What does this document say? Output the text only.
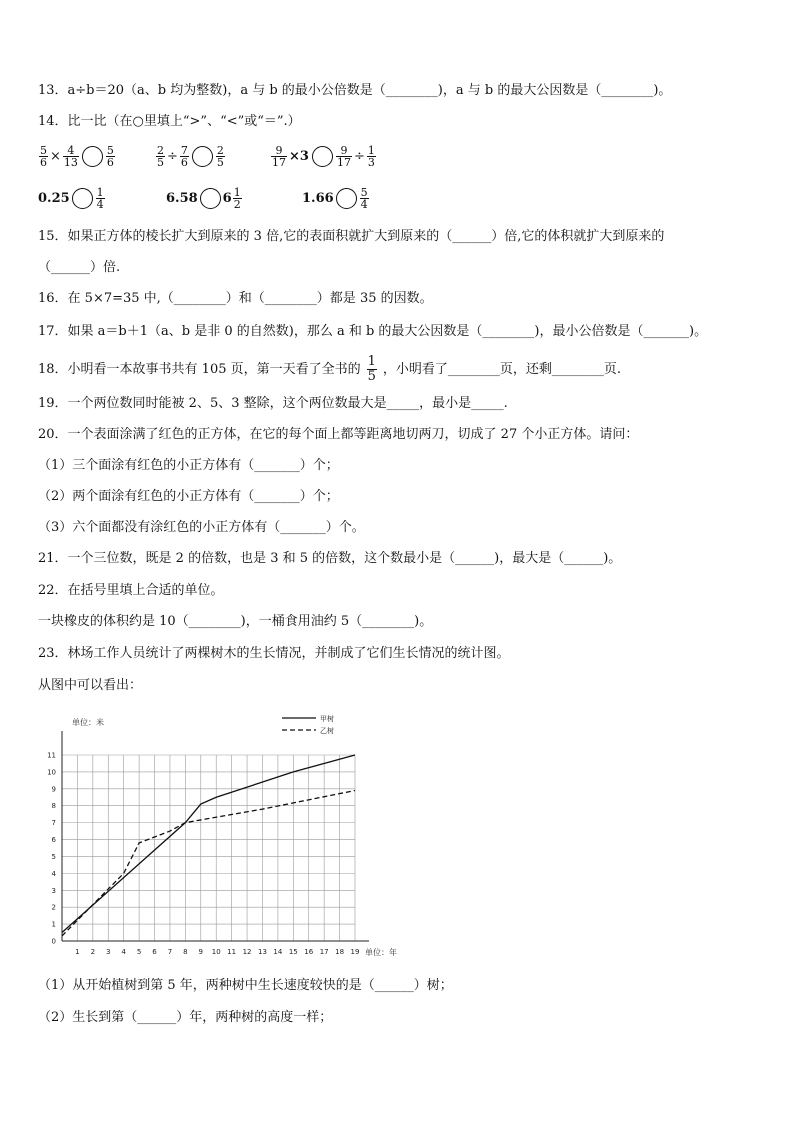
13．a÷b＝20（a、b 均为整数)，a 与 b 的最小公倍数是（________)，a 与 b 的最大公因数是（________)。
14．比一比（在○里填上“>”、“<”或“＝”.）
$\frac{5}{6} \times \frac{4}{13} \frac{5}{6}$	$\frac{2}{5} \div \frac{7}{6} \frac{2}{5}$	$\frac{9}{17} \times 3 \frac{9}{17} \div \frac{1}{3}$
$0.25 \frac{1}{4}$	6.58 $6 \frac{1}{2}$	$1.66 \frac{5}{4}$
15．如果正方体的棱长扩大到原来的 3 倍,它的表面积就扩大到原来的（______）倍,它的体积就扩大到原来的
（______）倍.
16．在 5×7=35 中,（________）和（________）都是 35 的因数。
17．如果 a＝b＋1（a、b 是非 0 的自然数)，那么 a 和 b 的最大公因数是（________)，最小公倍数是（_______)。
18．小明看一本故事书共有 105 页，第一天看了全书的 $\frac{1}{5}$ ，小明看了________页，还剩________页.
19．一个两位数同时能被 2、5、3 整除，这个两位数最大是_____，最小是_____.
20．一个表面涂满了红色的正方体，在它的每个面上都等距离地切两刀，切成了 27 个小正方体。请问：
（1）三个面涂有红色的小正方体有（_______）个；
（2）两个面涂有红色的小正方体有（_______）个；
（3）六个面都没有涂红色的小正方体有（_______）个。
21．一个三位数，既是 2 的倍数，也是 3 和 5 的倍数，这个数最小是（______)，最大是（______)。
22．在括号里填上合适的单位。
一块橡皮的体积约是 10（________)，一桶食用油约 5（________)。
23．林场工作人员统计了两棵树木的生长情况，并制成了它们生长情况的统计图。
从图中可以看出：
1 2 3 4 5 6 7 8 9 10 11 12 13 14 15 16 17 18 19
0
1
2
3
4
5
6
7
8
9
10
11
单位：米
单位：年
甲树
乙树
（1）从开始植树到第 5 年，两种树中生长速度较快的是（______）树；
（2）生长到第（______）年，两种树的高度一样；
